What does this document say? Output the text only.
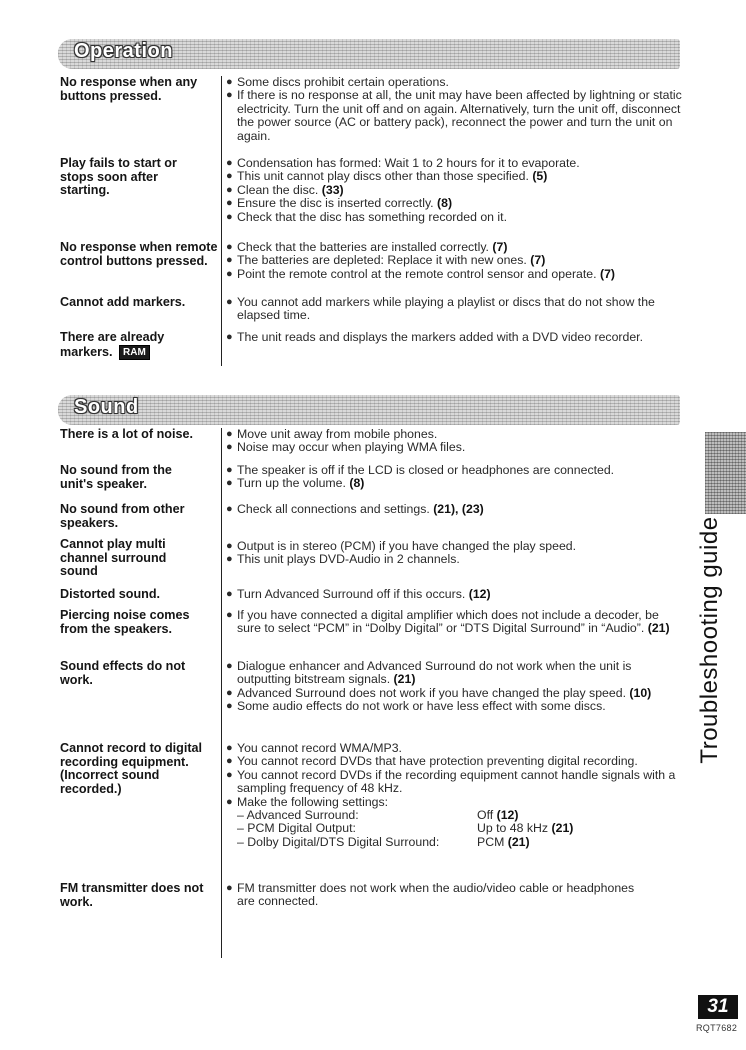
Operation
No response when any buttons pressed.
● Some discs prohibit certain operations.
● If there is no response at all, the unit may have been affected by lightning or static electricity. Turn the unit off and on again. Alternatively, turn the unit off, disconnect the power source (AC or battery pack), reconnect the power and turn the unit on again.
Play fails to start or stops soon after starting.
● Condensation has formed: Wait 1 to 2 hours for it to evaporate.
● This unit cannot play discs other than those specified. (5)
● Clean the disc. (33)
● Ensure the disc is inserted correctly. (8)
● Check that the disc has something recorded on it.
No response when remote control buttons pressed.
● Check that the batteries are installed correctly. (7)
● The batteries are depleted: Replace it with new ones. (7)
● Point the remote control at the remote control sensor and operate. (7)
Cannot add markers.	● You cannot add markers while playing a playlist or discs that do not show the elapsed time.
There are already markers. RAM
● The unit reads and displays the markers added with a DVD video recorder.
Sound
There is a lot of noise.	● Move unit away from mobile phones.
● Noise may occur when playing WMA files.
No sound from the unit's speaker.
● The speaker is off if the LCD is closed or headphones are connected.
● Turn up the volume. (8)
No sound from other speakers.
● Check all connections and settings. (21), (23)
Cannot play multi channel surround sound
● Output is in stereo (PCM) if you have changed the play speed.
● This unit plays DVD-Audio in 2 channels.
Distorted sound.	● Turn Advanced Surround off if this occurs. (12)
Piercing noise comes from the speakers.
● If you have connected a digital amplifier which does not include a decoder, be sure to select “PCM” in “Dolby Digital” or “DTS Digital Surround” in “Audio”. (21)
Sound effects do not work.
● Dialogue enhancer and Advanced Surround do not work when the unit is outputting bitstream signals. (21)
● Advanced Surround does not work if you have changed the play speed. (10)
● Some audio effects do not work or have less effect with some discs.
Cannot record to digital recording equipment. (Incorrect sound recorded.)
● You cannot record WMA/MP3.
● You cannot record DVDs that have protection preventing digital recording.
● You cannot record DVDs if the recording equipment cannot handle signals with a sampling frequency of 48 kHz.
● Make the following settings:
– Advanced Surround:	Off (12)
– PCM Digital Output:	Up to 48 kHz (21)
– Dolby Digital/DTS Digital Surround:	PCM (21)
FM transmitter does not work.
● FM transmitter does not work when the audio/video cable or headphones are connected.
Troubleshooting guide
31
RQT7682
